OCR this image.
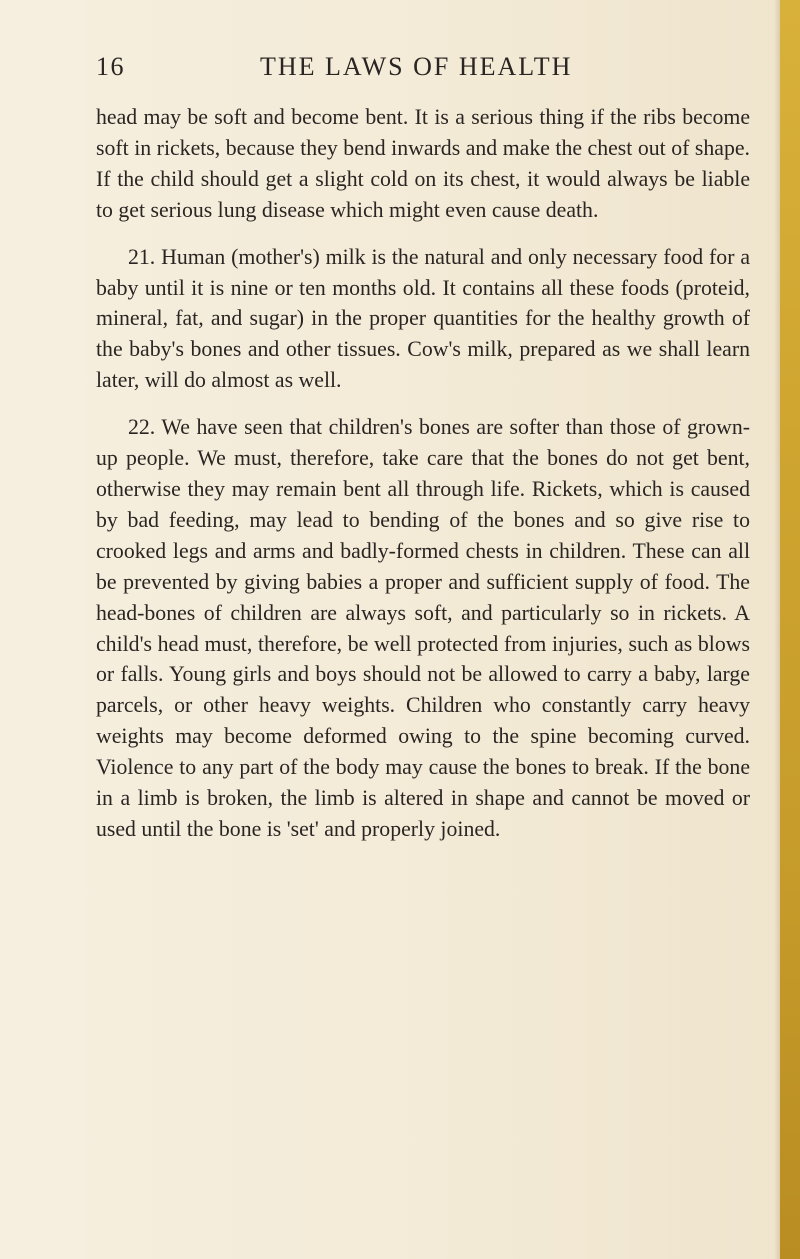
16	THE LAWS OF HEALTH

head may be soft and become bent. It is a serious thing if the ribs become soft in rickets, because they bend inwards and make the chest out of shape. If the child should get a slight cold on its chest, it would always be liable to get serious lung disease which might even cause death.

21. Human (mother's) milk is the natural and only necessary food for a baby until it is nine or ten months old. It contains all these foods (proteid, mineral, fat, and sugar) in the proper quantities for the healthy growth of the baby's bones and other tissues. Cow's milk, prepared as we shall learn later, will do almost as well.

22. We have seen that children's bones are softer than those of grown-up people. We must, therefore, take care that the bones do not get bent, otherwise they may remain bent all through life. Rickets, which is caused by bad feeding, may lead to bending of the bones and so give rise to crooked legs and arms and badly-formed chests in children. These can all be prevented by giving babies a proper and sufficient supply of food. The head-bones of children are always soft, and particularly so in rickets. A child's head must, therefore, be well protected from injuries, such as blows or falls. Young girls and boys should not be allowed to carry a baby, large parcels, or other heavy weights. Children who constantly carry heavy weights may become deformed owing to the spine becoming curved. Violence to any part of the body may cause the bones to break. If the bone in a limb is broken, the limb is altered in shape and cannot be moved or used until the bone is 'set' and properly joined.
